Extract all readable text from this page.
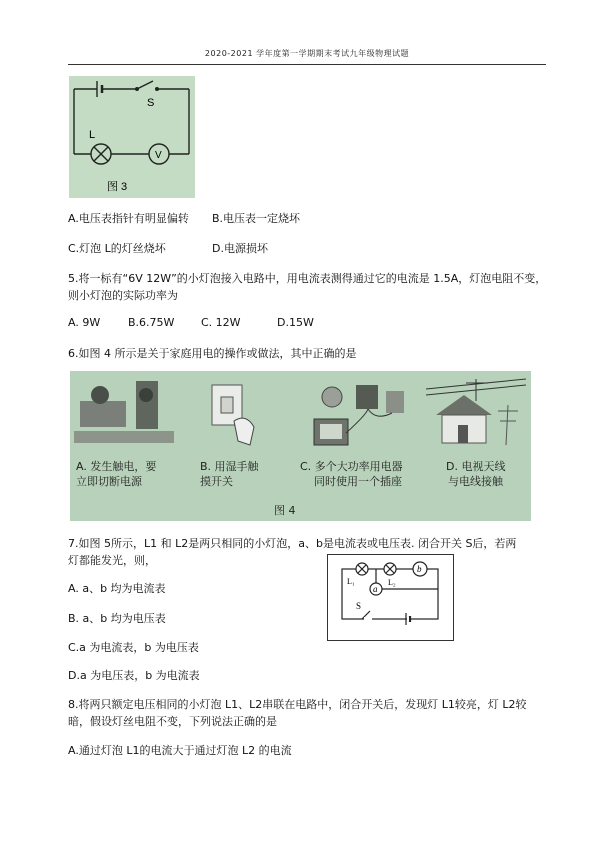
2020-2021 学年度第一学期期末考试九年级物理试题
S
L
V
图 3
A.电压表指针有明显偏转 B.电压表一定烧坏
C.灯泡 L的灯丝烧坏	D.电源损坏
5.将一标有“6V 12W”的小灯泡接入电路中，用电流表测得通过它的电流是 1.5A，灯泡电阻不变，
则小灯泡的实际功率为
A. 9W	B.6.75W C. 12W	D.15W
6.如图 4 所示是关于家庭用电的操作或做法，其中正确的是
A. 发生触电，要
立即切断电源
B. 用湿手触
摸开关
C. 多个大功率用电器
同时使用一个插座
D. 电视天线
与电线接触
图 4
7.如图 5所示，L1 和 L2是两只相同的小灯泡，a、b是电流表或电压表. 闭合开关 S后，若两
灯都能发光，则，
A. a、b 均为电流表
B. a、b 均为电压表
C.a 为电流表，b 为电压表
D.a 为电压表，b 为电流表
L₁	L₂
a
b
S
8.将两只额定电压相同的小灯泡 L1、L2串联在电路中，闭合开关后，发现灯 L1较亮，灯 L2较
暗，假设灯丝电阻不变，下列说法正确的是
A.通过灯泡 L1的电流大于通过灯泡 L2 的电流
